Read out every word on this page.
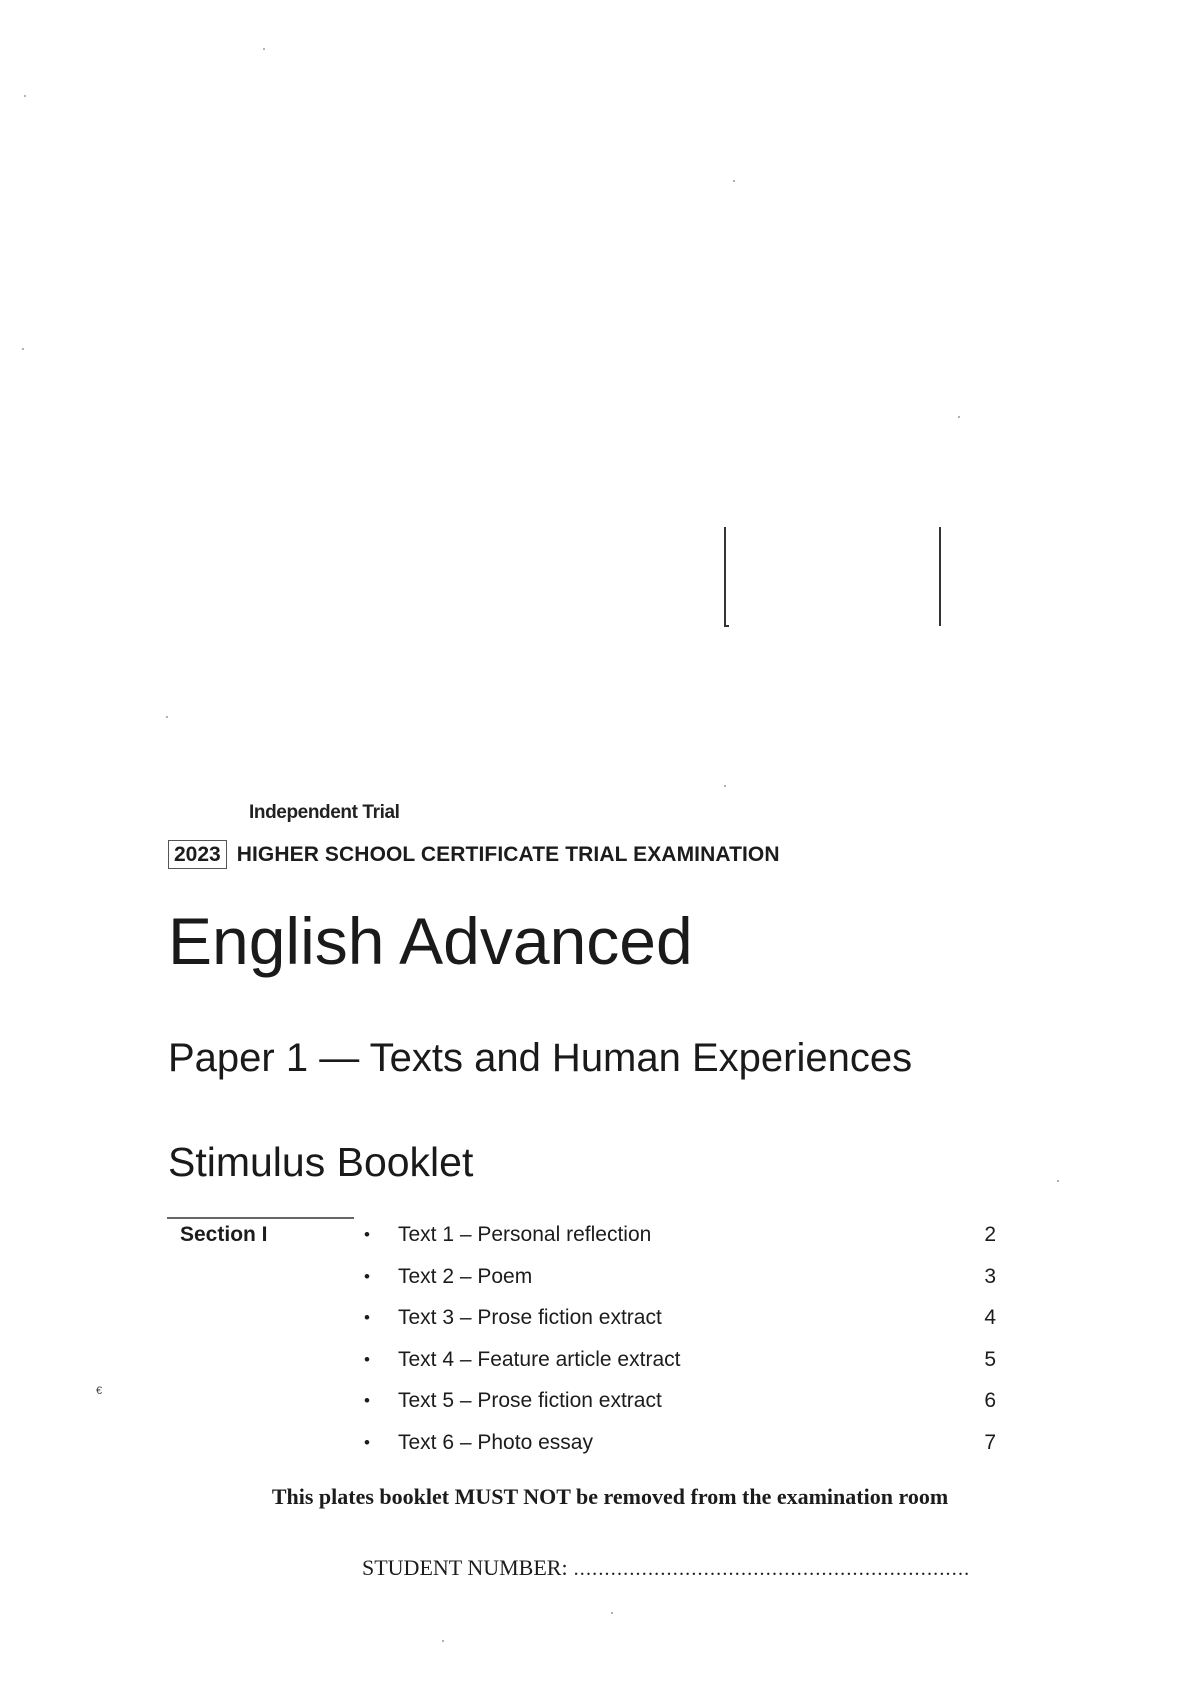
€
Independent Trial
2023 HIGHER SCHOOL CERTIFICATE TRIAL EXAMINATION
English Advanced
Paper 1 — Texts and Human Experiences
Stimulus Booklet
Section I	•	Text 1 – Personal reflection	2
•	Text 2 – Poem	3
•	Text 3 – Prose fiction extract	4
•	Text 4 – Feature article extract	5
•	Text 5 – Prose fiction extract	6
•	Text 6 – Photo essay	7
This plates booklet MUST NOT be removed from the examination room
STUDENT NUMBER: ................................................................
